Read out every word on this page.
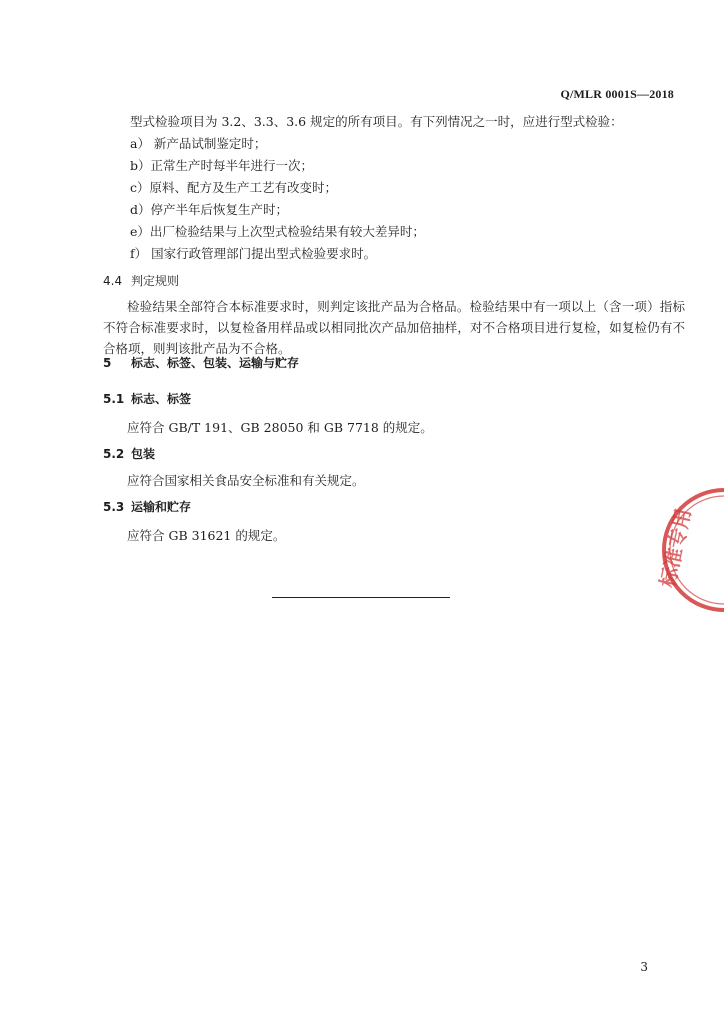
Q/MLR 0001S—2018
型式检验项目为 3.2、3.3、3.6 规定的所有项目。有下列情况之一时，应进行型式检验：
a） 新产品试制鉴定时；
b）正常生产时每半年进行一次；
c）原料、配方及生产工艺有改变时；
d）停产半年后恢复生产时；
e）出厂检验结果与上次型式检验结果有较大差异时；
f） 国家行政管理部门提出型式检验要求时。
4.4 判定规则
检验结果全部符合本标准要求时，则判定该批产品为合格品。检验结果中有一项以上（含一项）指标不符合标准要求时，以复检备用样品或以相同批次产品加倍抽样，对不合格项目进行复检，如复检仍有不合格项，则判该批产品为不合格。
5 标志、标签、包装、运输与贮存
5.1 标志、标签
应符合 GB/T 191、GB 28050 和 GB 7718 的规定。
5.2 包装
应符合国家相关食品安全标准和有关规定。
5.3 运输和贮存
应符合 GB 31621 的规定。	标准专用
3
